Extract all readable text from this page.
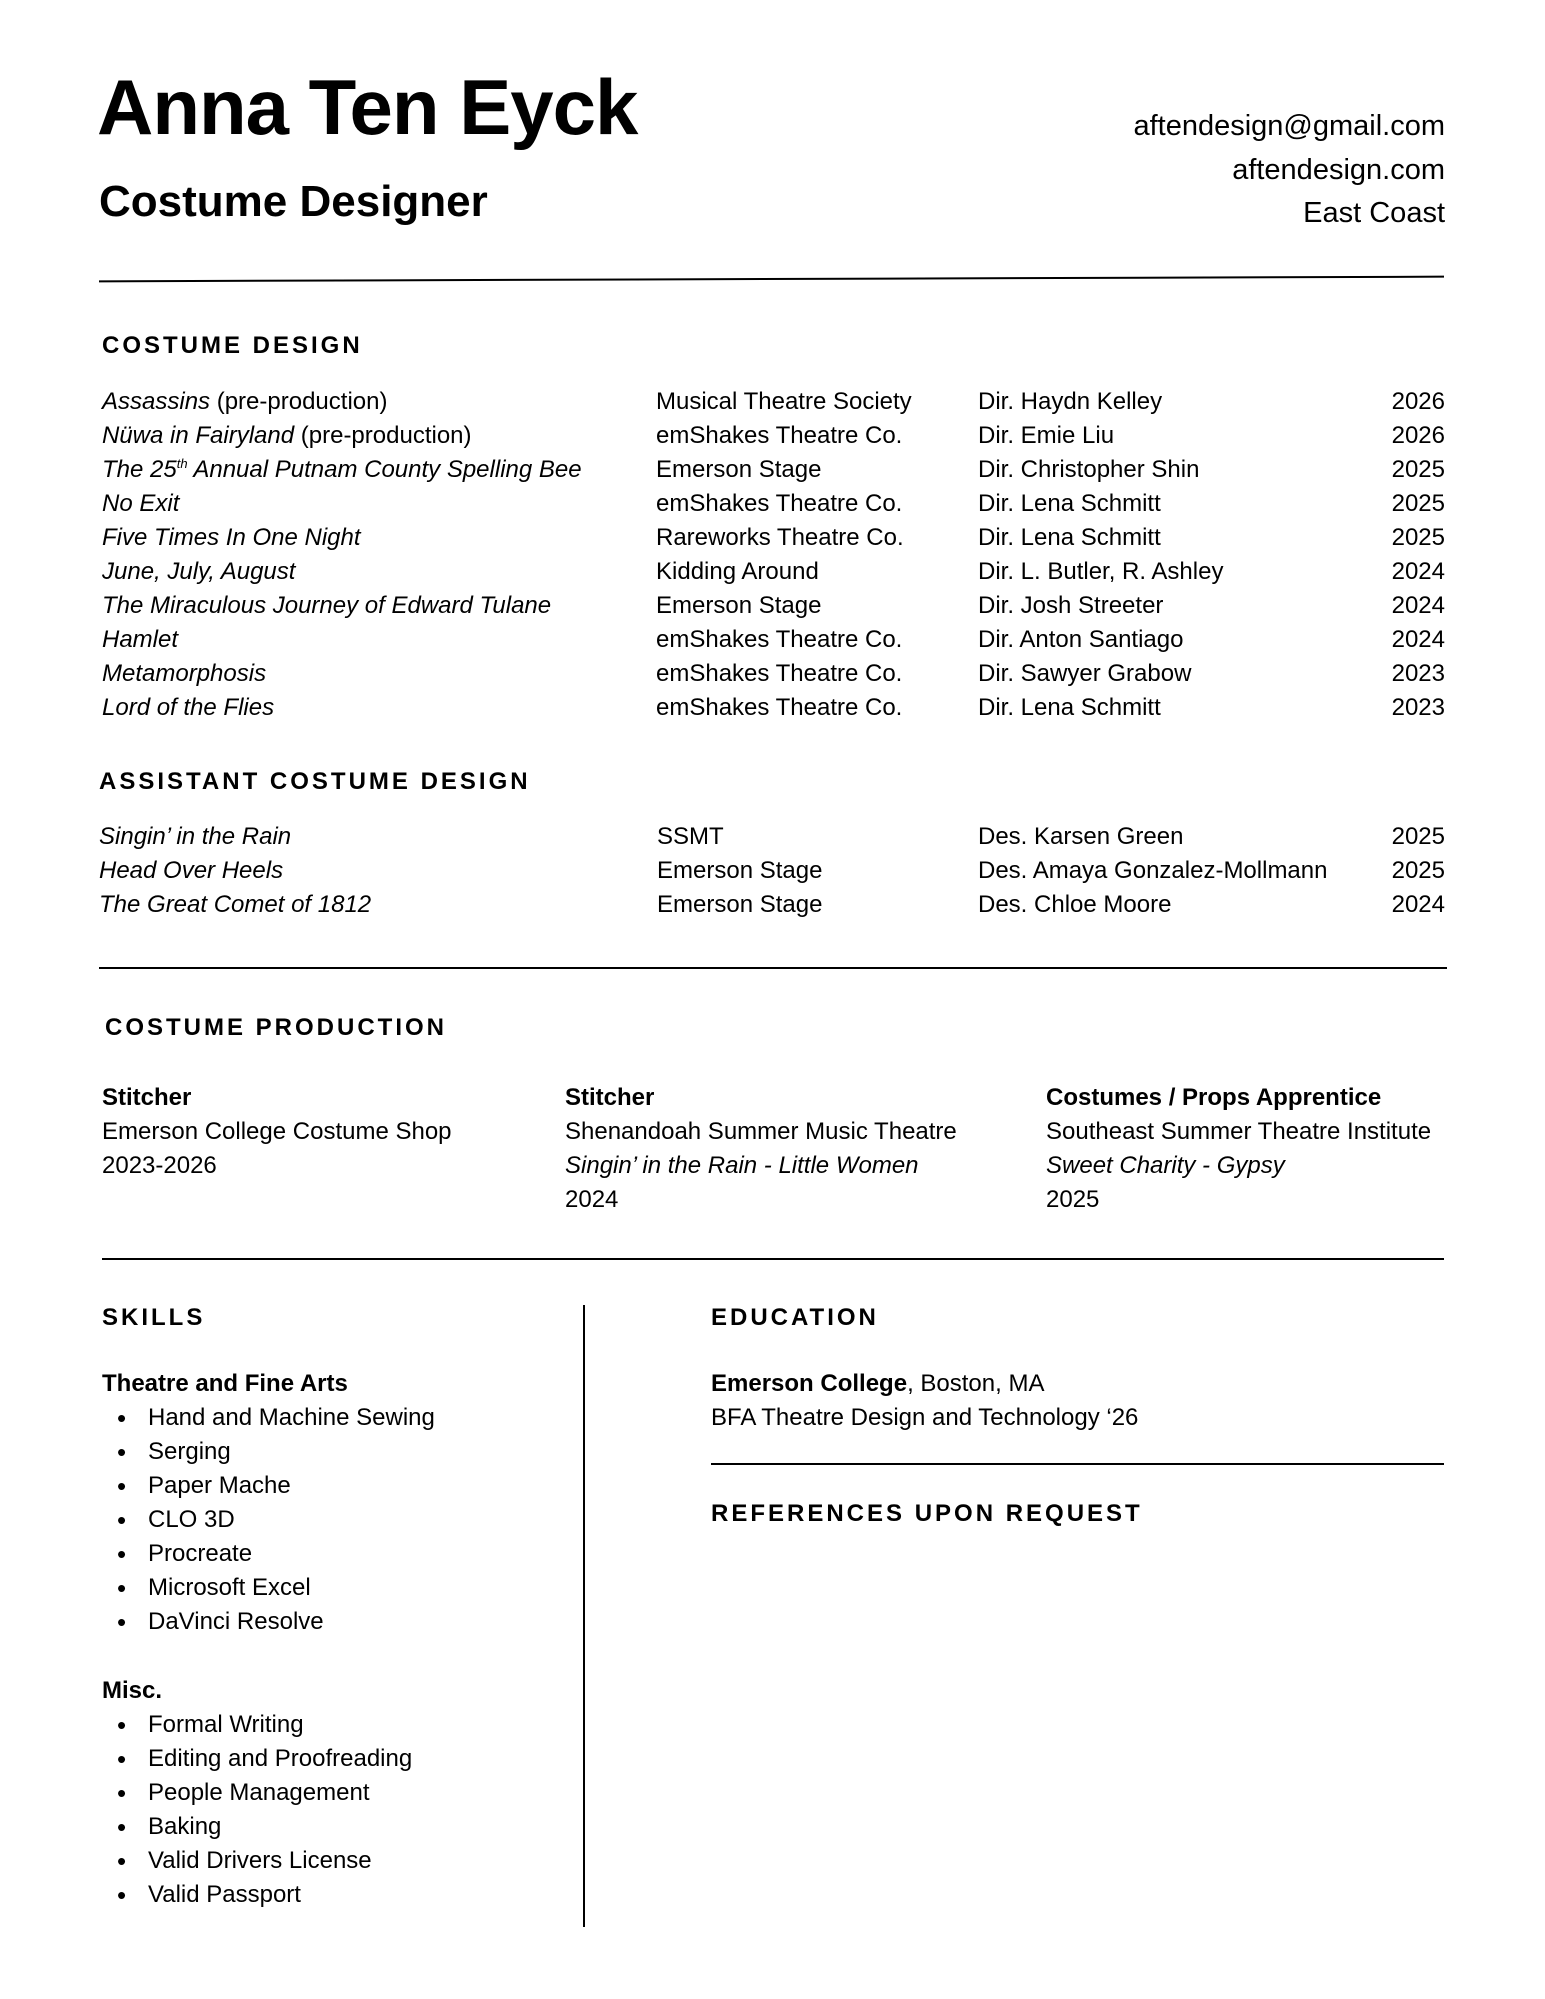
Anna Ten Eyck
Costume Designer
aftendesign@gmail.com
aftendesign.com
East Coast
COSTUME DESIGN
Assassins (pre-production)	Musical Theatre Society	Dir. Haydn Kelley	2026
Nüwa in Fairyland (pre-production)	emShakes Theatre Co.	Dir. Emie Liu	2026
The 25th Annual Putnam County Spelling Bee	Emerson Stage	Dir. Christopher Shin	2025
No Exit	emShakes Theatre Co.	Dir. Lena Schmitt	2025
Five Times In One Night	Rareworks Theatre Co.	Dir. Lena Schmitt	2025
June, July, August	Kidding Around	Dir. L. Butler, R. Ashley	2024
The Miraculous Journey of Edward Tulane	Emerson Stage	Dir. Josh Streeter	2024
Hamlet	emShakes Theatre Co.	Dir. Anton Santiago	2024
Metamorphosis	emShakes Theatre Co.	Dir. Sawyer Grabow	2023
Lord of the Flies	emShakes Theatre Co.	Dir. Lena Schmitt	2023
ASSISTANT COSTUME DESIGN
Singin’ in the Rain	SSMT	Des. Karsen Green	2025
Head Over Heels	Emerson Stage	Des. Amaya Gonzalez-Mollmann	2025
The Great Comet of 1812	Emerson Stage	Des. Chloe Moore	2024
COSTUME PRODUCTION
Stitcher
Emerson College Costume Shop
2023-2026
Stitcher
Shenandoah Summer Music Theatre
Singin’ in the Rain - Little Women
2024
Costumes / Props Apprentice
Southeast Summer Theatre Institute
Sweet Charity - Gypsy
2025
SKILLS
Theatre and Fine Arts
• Hand and Machine Sewing
• Serging
• Paper Mache
• CLO 3D
• Procreate
• Microsoft Excel
• DaVinci Resolve
Misc.
• Formal Writing
• Editing and Proofreading
• People Management
• Baking
• Valid Drivers License
• Valid Passport
EDUCATION
Emerson College, Boston, MA
BFA Theatre Design and Technology ‘26
REFERENCES UPON REQUEST
